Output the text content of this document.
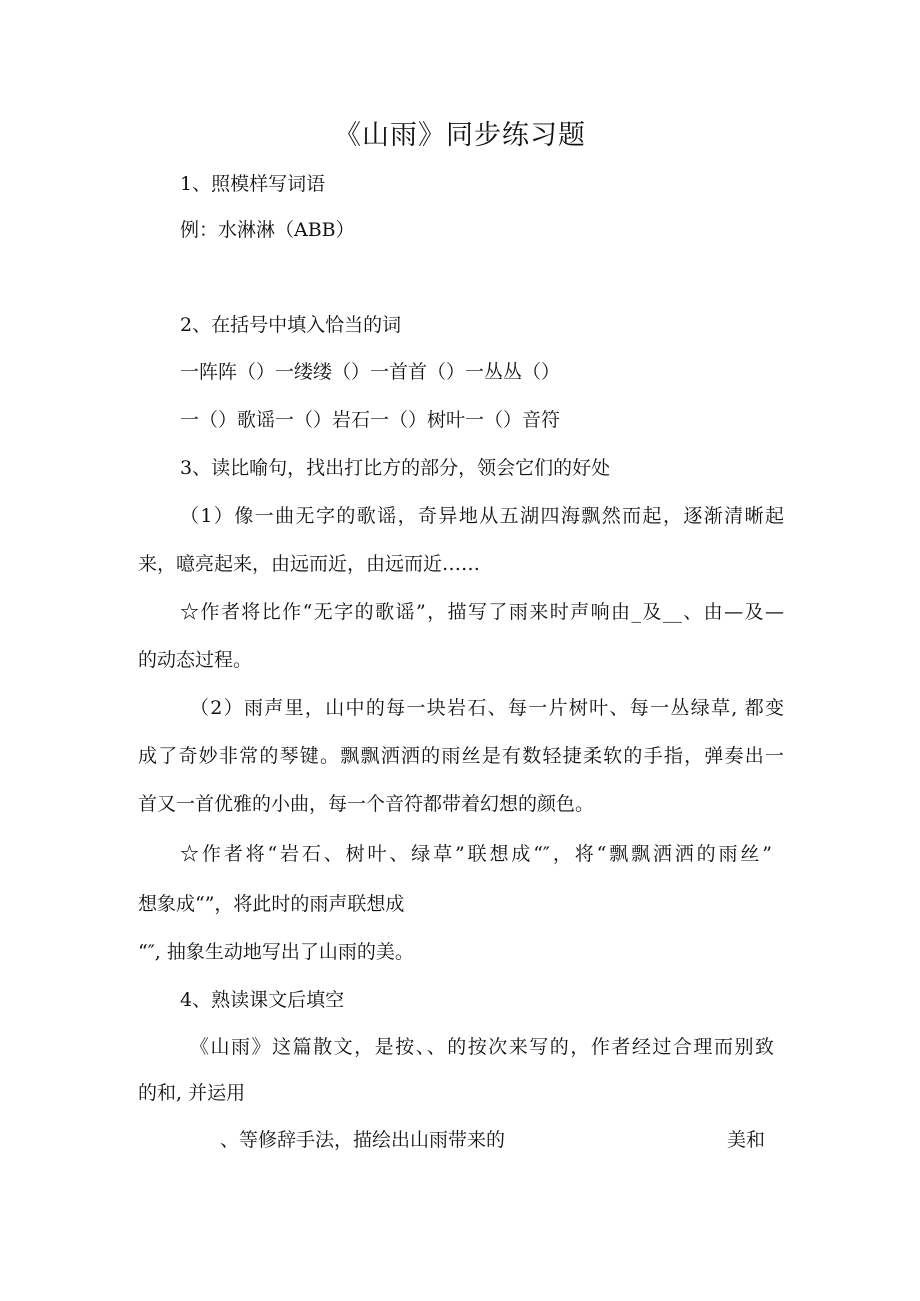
《山雨》同步练习题
1、照模样写词语
例：水淋淋（ABB）
2、在括号中填入恰当的词
一阵阵（）一缕缕（）一首首（）一丛丛（）
一（）歌谣一（）岩石一（）树叶一（）音符
3、读比喻句，找出打比方的部分，领会它们的好处
（1）像一曲无字的歌谣，奇异地从五湖四海飘然而起，逐渐清晰起
来，噫亮起来，由远而近，由远而近……
☆作者将比作“无字的歌谣”，描写了雨来时声响由_及__、由—及—
的动态过程。
（2）雨声里，山中的每一块岩石、每一片树叶、每一丛绿草, 都变
成了奇妙非常的琴键。飘飘洒洒的雨丝是有数轻捷柔软的手指，弹奏出一
首又一首优雅的小曲，每一个音符都带着幻想的颜色。
☆作者将“岩石、树叶、绿草”联想成“″，将“飘飘洒洒的雨丝”
想象成“”，将此时的雨声联想成
“″, 抽象生动地写出了山雨的美。
4、熟读课文后填空
《山雨》这篇散文，是按、、的按次来写的，作者经过合理而别致
的和, 并运用
、等修辞手法，描绘出山雨带来的	美和
